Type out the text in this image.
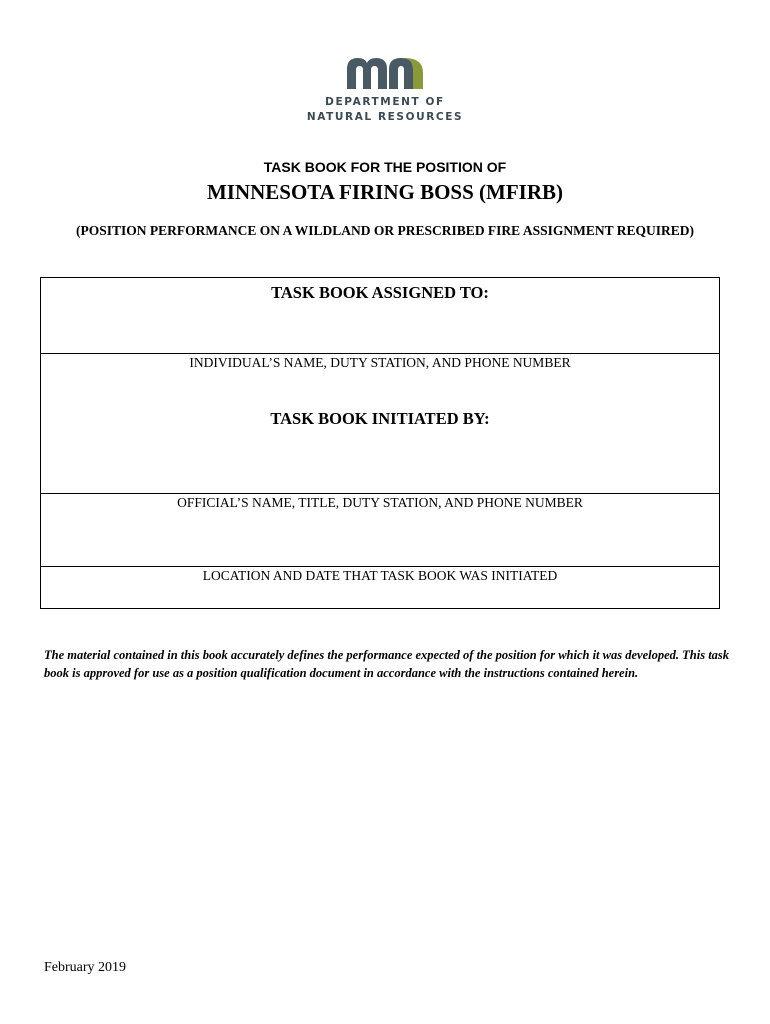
DEPARTMENT OF
NATURAL RESOURCES
TASK BOOK FOR THE POSITION OF
MINNESOTA FIRING BOSS (MFIRB)
(POSITION PERFORMANCE ON A WILDLAND OR PRESCRIBED FIRE ASSIGNMENT REQUIRED)
TASK BOOK ASSIGNED TO:
INDIVIDUAL’S NAME, DUTY STATION, AND PHONE NUMBER
TASK BOOK INITIATED BY:
OFFICIAL’S NAME, TITLE, DUTY STATION, AND PHONE NUMBER
LOCATION AND DATE THAT TASK BOOK WAS INITIATED
The material contained in this book accurately defines the performance expected of the position for which it was developed. This task book is approved for use as a position qualification document in accordance with the instructions contained herein.
February 2019
